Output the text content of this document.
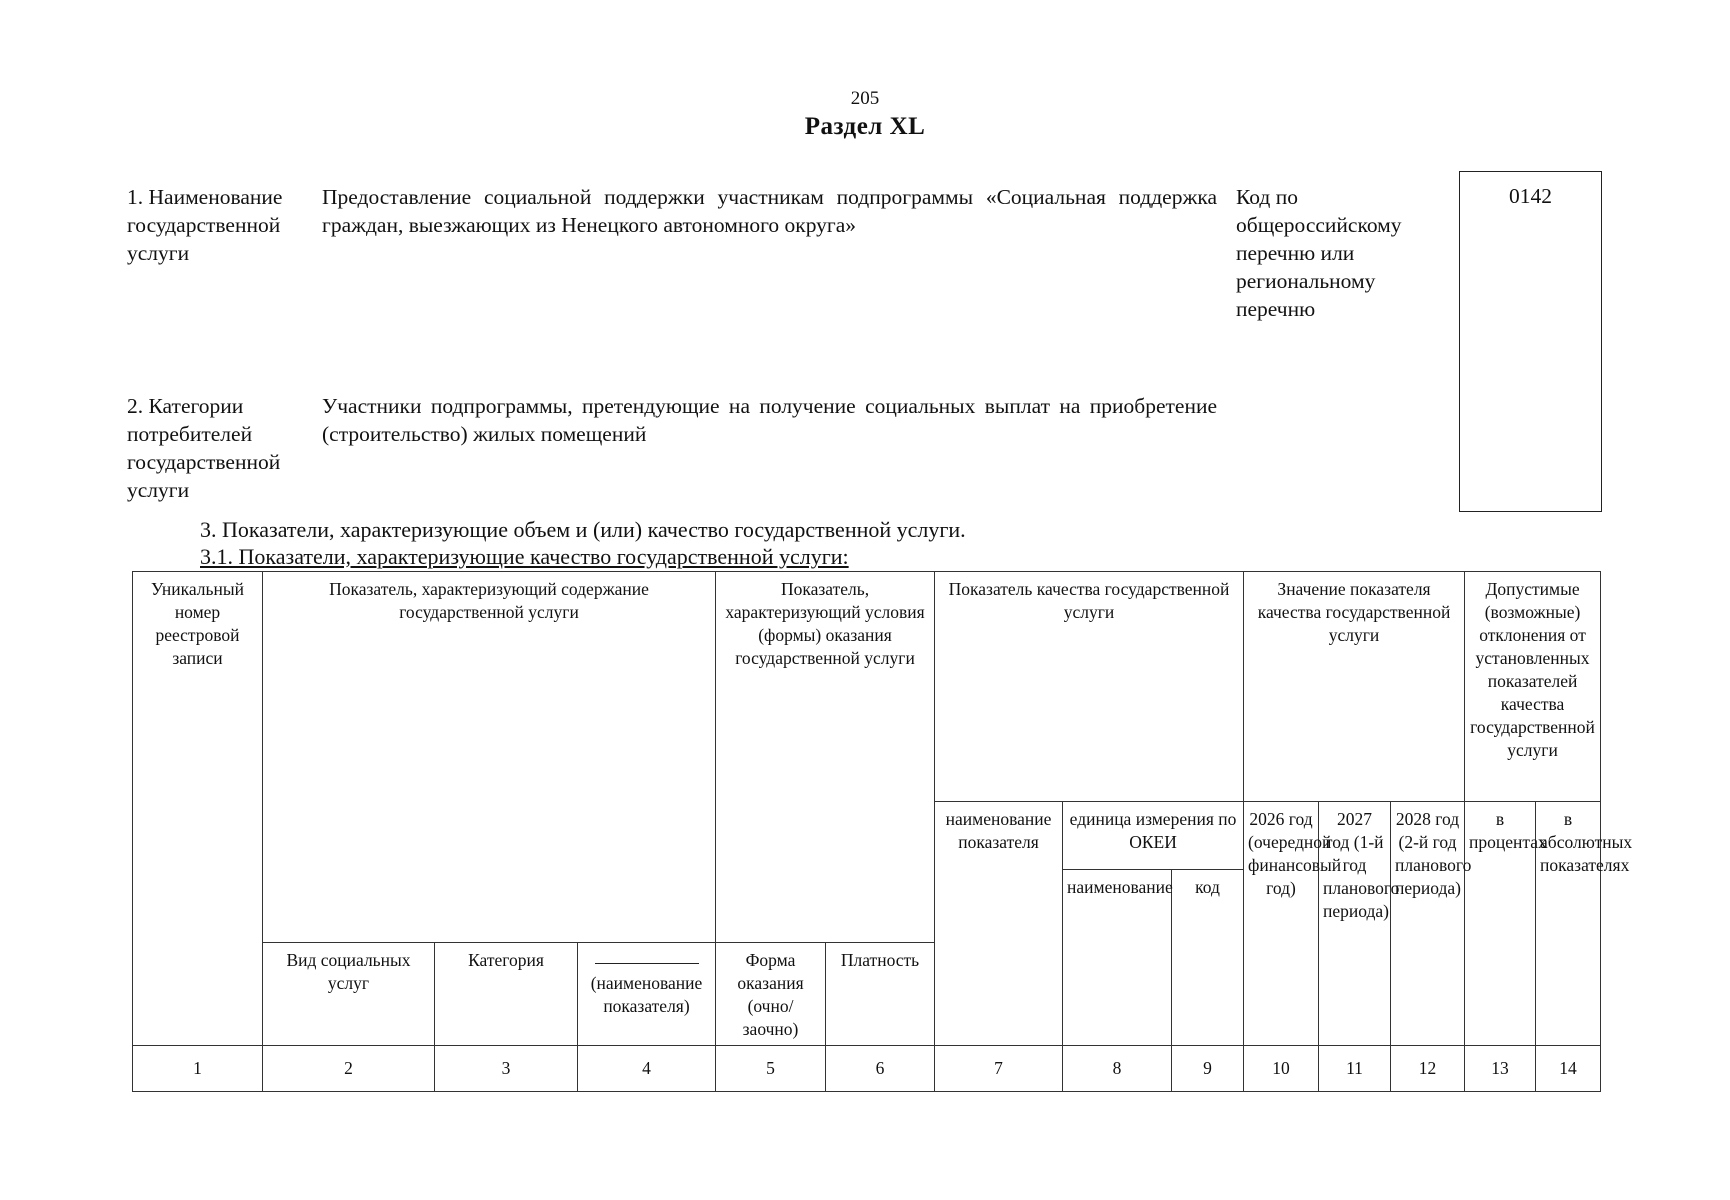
205
Раздел XL
1. Наименование государственной услуги
Предоставление социальной поддержки участникам подпрограммы «Социальная поддержка граждан, выезжающих из Ненецкого автономного округа»
Код по общероссийскому перечню или региональному перечню
0142
2. Категории потребителей государственной услуги
Участники подпрограммы, претендующие на получение социальных выплат на приобретение (строительство) жилых помещений
3. Показатели, характеризующие объем и (или) качество государственной услуги.
3.1. Показатели, характеризующие качество государственной услуги:
Уникальный номер реестровой записи	Показатель, характеризующий содержание государственной услуги			Показатель, характеризующий условия (формы) оказания государственной услуги		Показатель качества государственной услуги			Значение показателя качества государственной услуги			Допустимые (возможные) отклонения от установленных показателей качества государственной услуги	
						наименование показателя	единица измерения по ОКЕИ		2026 год (очередной финансовый год)	2027 год (1-й год планового периода)	2028 год (2-й год планового периода)	в процентах	в абсолютных показателях
							наименование	код					
	Вид социальных услуг	Категория	(наименование показателя)	Форма оказания (очно/заочно)	Платность								
1	2	3	4	5	6	7	8	9	10	11	12	13	14
